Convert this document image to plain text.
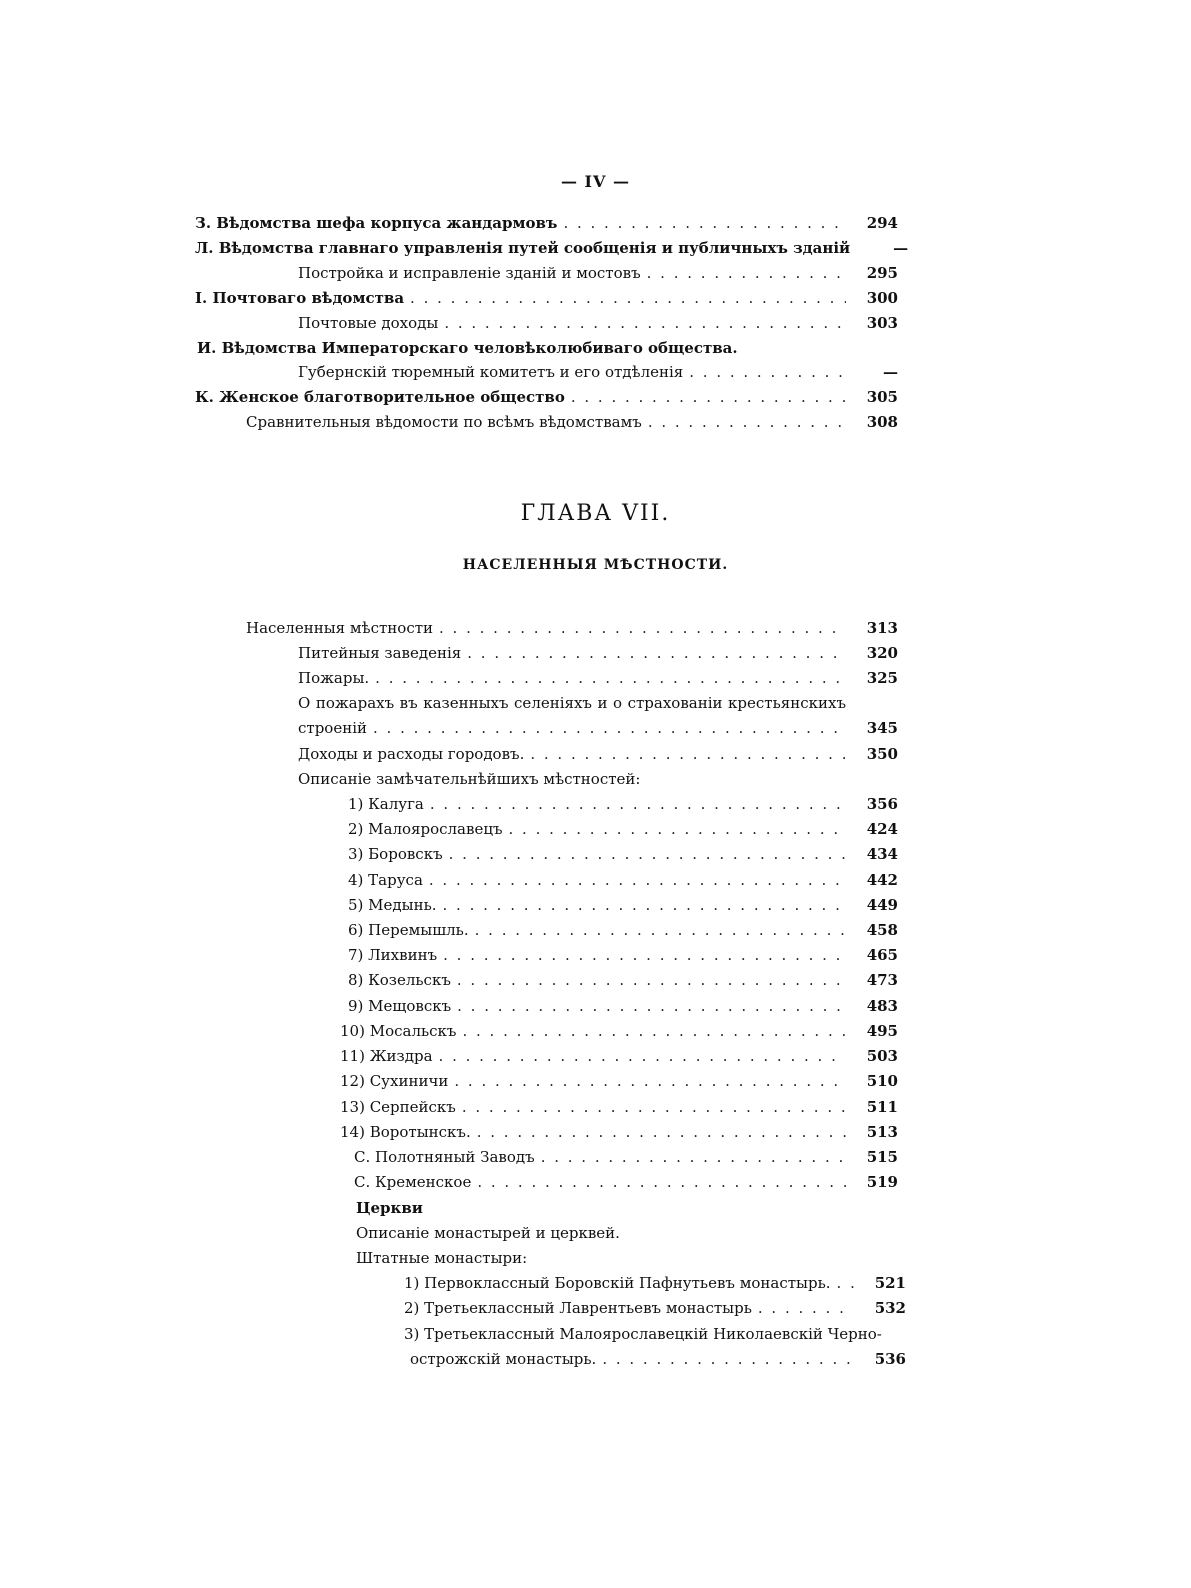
— IV —
З. Вѣдомства шефа корпуса жандармовъ . . .	294
Л. Вѣдомства главнаго управленія путей сообщенія и публичныхъ зданій	—
Постройка и исправленіе зданій и мостовъ . . .	295
І. Почтоваго вѣдомства . . .	300
Почтовые доходы . . .	303
И. Вѣдомства Императорскаго человѣколюбиваго общества.
Губернскій тюремный комитетъ и его отдѣленія . . .	—
К. Женское благотворительное общество . . .	305
Сравнительныя вѣдомости по всѣмъ вѣдомствамъ . . .	308
ГЛАВА VII.
НАСЕЛЕННЫЯ МѢСТНОСТИ.
Населенныя мѣстности . . .	313
Питейныя заведенія . . .	320
Пожары. . . .	325
О пожарахъ въ казенныхъ селеніяхъ и о страхованіи крестьянскихъ
строеній . . .	345
Доходы и расходы городовъ. . . .	350
Описаніе замѣчательнѣйшихъ мѣстностей:
1) Калуга . . .	356
2) Малоярославецъ . . .	424
3) Боровскъ . . .	434
4) Таруса . . .	442
5) Медынь. . . .	449
6) Перемышль. . . .	458
7) Лихвинъ . . .	465
8) Козельскъ . . .	473
9) Мещовскъ . . .	483
10) Мосальскъ . . .	495
11) Жиздра . . .	503
12) Сухиничи . . .	510
13) Серпейскъ . . .	511
14) Воротынскъ. . . .	513
С. Полотняный Заводъ . . .	515
С. Кременское . . .	519
Церкви
Описаніе монастырей и церквей.
Штатные монастыри:
1) Первоклассный Боровскій Пафнутьевъ монастырь. . . .	521
2) Третьеклассный Лаврентьевъ монастырь . . .	532
3) Третьеклассный Малоярославецкій Николаевскій Черно-
острожскій монастырь. . . .	536
